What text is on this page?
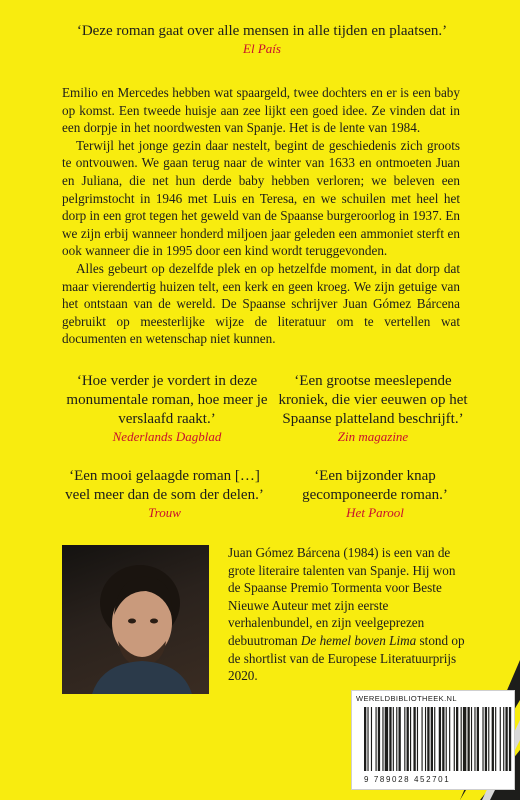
‘Deze roman gaat over alle mensen in alle tijden en plaatsen.’

El País

Emilio en Mercedes hebben wat spaargeld, twee dochters en er is een baby op komst. Een tweede huisje aan zee lijkt een goed idee. Ze vinden dat in een dorpje in het noordwesten van Spanje. Het is de lente van 1984.

Terwijl het jonge gezin daar nestelt, begint de geschiedenis zich groots te ontvouwen. We gaan terug naar de winter van 1633 en ontmoeten Juan en Juliana, die net hun derde baby hebben verloren; we beleven een pelgrimstocht in 1946 met Luis en Teresa, en we schuilen met heel het dorp in een grot tegen het geweld van de Spaanse burgeroorlog in 1937. En we zijn erbij wanneer honderd miljoen jaar geleden een ammoniet sterft en ook wanneer die in 1995 door een kind wordt teruggevonden.

Alles gebeurt op dezelfde plek en op hetzelfde moment, in dat dorp dat maar vierendertig huizen telt, een kerk en geen kroeg. We zijn getuige van het ontstaan van de wereld. De Spaanse schrijver Juan Gómez Bárcena gebruikt op meesterlijke wijze de literatuur om te vertellen wat documenten en wetenschap niet kunnen.

‘Hoe verder je vordert in deze monumentale roman, hoe meer je verslaafd raakt.’

Nederlands Dagblad

‘Een grootse meeslepende kroniek, die vier eeuwen op het Spaanse platteland beschrijft.’

Zin magazine

‘Een mooi gelaagde roman […] veel meer dan de som der delen.’

Trouw

‘Een bijzonder knap gecomponeerde roman.’

Het Parool
Juan Gómez Bárcena (1984) is een van de grote literaire talenten van Spanje. Hij won de Spaanse Premio Tormenta voor Beste Nieuwe Auteur met zijn eerste verhalenbundel, en zijn veelgeprezen debuutroman De hemel boven Lima stond op de shortlist van de Europese Literatuurprijs 2020.
WERELDBIBLIOTHEEK.NL
9 789028 452701
